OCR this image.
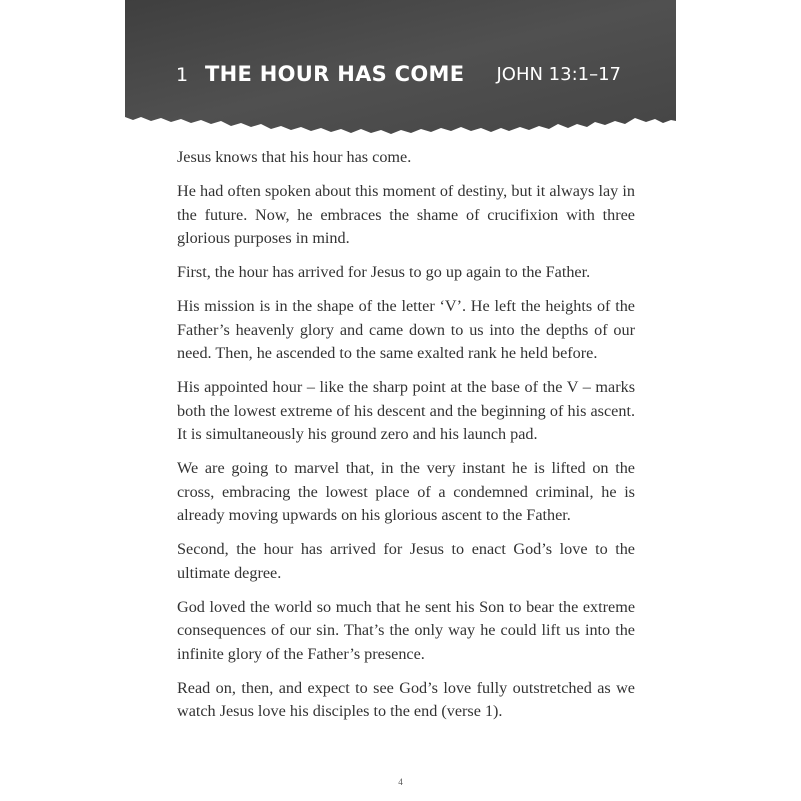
1 THE HOUR HAS COME JOHN 13:1–17

Jesus knows that his hour has come.

He had often spoken about this moment of destiny, but it always lay in the future. Now, he embraces the shame of crucifixion with three glorious purposes in mind.

First, the hour has arrived for Jesus to go up again to the Father.

His mission is in the shape of the letter ‘V’. He left the heights of the Father’s heavenly glory and came down to us into the depths of our need. Then, he ascended to the same exalted rank he held before.

His appointed hour – like the sharp point at the base of the V – marks both the lowest extreme of his descent and the beginning of his ascent. It is simultaneously his ground zero and his launch pad.

We are going to marvel that, in the very instant he is lifted on the cross, embracing the lowest place of a condemned criminal, he is already moving upwards on his glorious ascent to the Father.

Second, the hour has arrived for Jesus to enact God’s love to the ultimate degree.

God loved the world so much that he sent his Son to bear the extreme consequences of our sin. That’s the only way he could lift us into the infinite glory of the Father’s presence.

Read on, then, and expect to see God’s love fully outstretched as we watch Jesus love his disciples to the end (verse 1).

4
